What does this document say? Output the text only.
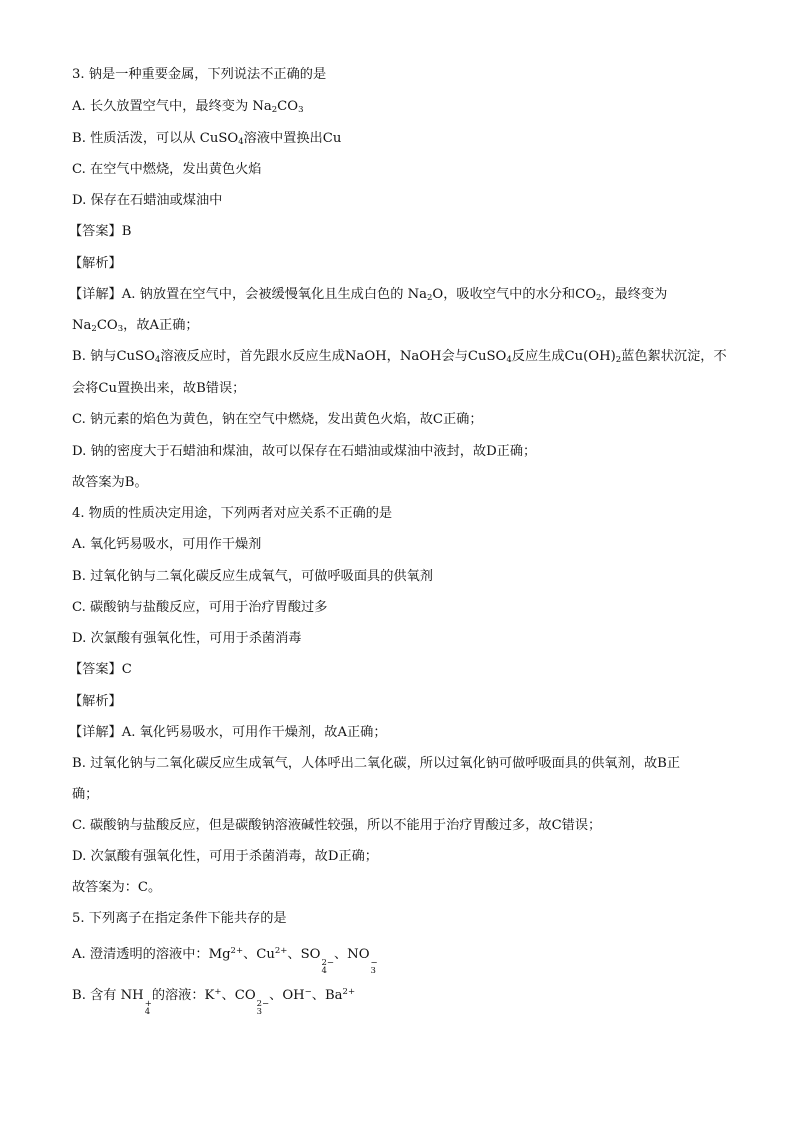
3. 钠是一种重要金属，下列说法不正确的是
A. 长久放置空气中，最终变为 $Na_2CO_3$
B. 性质活泼，可以从 CuSO$_4$溶液中置换出Cu
C. 在空气中燃烧，发出黄色火焰
D. 保存在石蜡油或煤油中
【答案】B
【解析】
【详解】A. 钠放置在空气中，会被缓慢氧化且生成白色的 $Na_2O$，吸收空气中的水分和$CO_2$，最终变为
$Na_2CO_3$，故A正确；
B. 钠与CuSO$_4$溶液反应时，首先跟水反应生成NaOH，NaOH会与CuSO$_4$反应生成$Cu(OH)_2$蓝色絮状沉淀，不
会将Cu置换出来，故B错误；
C. 钠元素的焰色为黄色，钠在空气中燃烧，发出黄色火焰，故C正确；
D. 钠的密度大于石蜡油和煤油，故可以保存在石蜡油或煤油中液封，故D正确；
故答案为B。
4. 物质的性质决定用途，下列两者对应关系不正确的是
A. 氧化钙易吸水，可用作干燥剂
B. 过氧化钠与二氧化碳反应生成氧气，可做呼吸面具的供氧剂
C. 碳酸钠与盐酸反应，可用于治疗胃酸过多
D. 次氯酸有强氧化性，可用于杀菌消毒
【答案】C
【解析】
【详解】A. 氧化钙易吸水，可用作干燥剂，故A正确；
B. 过氧化钠与二氧化碳反应生成氧气，人体呼出二氧化碳，所以过氧化钠可做呼吸面具的供氧剂，故B正
确；
C. 碳酸钠与盐酸反应，但是碳酸钠溶液碱性较强，所以不能用于治疗胃酸过多，故C错误；
D. 次氯酸有强氧化性，可用于杀菌消毒，故D正确；
故答案为：C。
5. 下列离子在指定条件下能共存的是
A. 澄清透明的溶液中：$Mg^{2+}$、$Cu^{2+}$、SO
2−
4
、NO
−
3
B. 含有 NH
+
4
的溶液：K+、CO
2−
3
、OH−、$Ba^{2+}$
